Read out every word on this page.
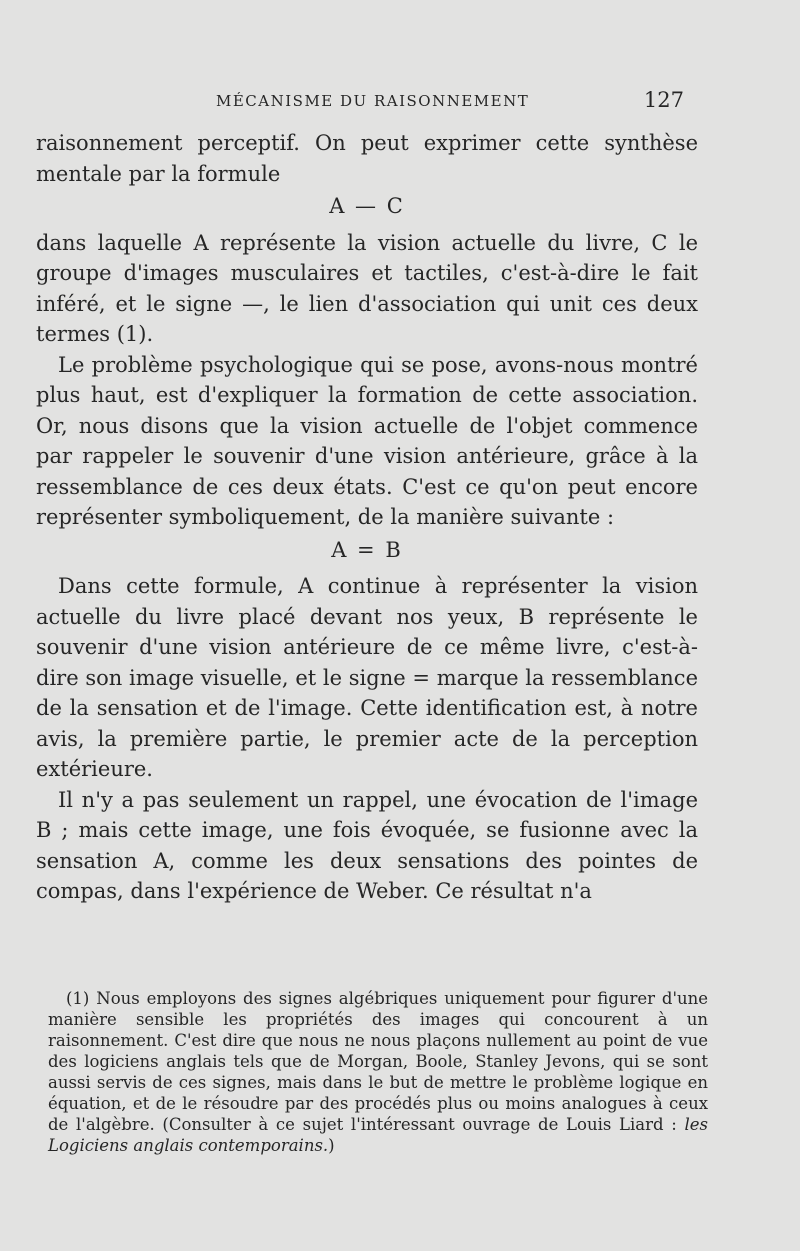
MÉCANISME DU RAISONNEMENT	127

raisonnement perceptif. On peut exprimer cette synthèse mentale par la formule

A — C

dans laquelle A représente la vision actuelle du livre, C le groupe d'images musculaires et tactiles, c'est-à-dire le fait inféré, et le signe —, le lien d'association qui unit ces deux termes (1).

Le problème psychologique qui se pose, avons-nous montré plus haut, est d'expliquer la formation de cette association. Or, nous disons que la vision actuelle de l'objet commence par rappeler le souvenir d'une vision antérieure, grâce à la ressemblance de ces deux états. C'est ce qu'on peut encore représenter symboliquement, de la manière suivante :

A = B

Dans cette formule, A continue à représenter la vision actuelle du livre placé devant nos yeux, B représente le souvenir d'une vision antérieure de ce même livre, c'est-à-dire son image visuelle, et le signe = marque la ressemblance de la sensation et de l'image. Cette identification est, à notre avis, la première partie, le premier acte de la perception extérieure.

Il n'y a pas seulement un rappel, une évocation de l'image B ; mais cette image, une fois évoquée, se fusionne avec la sensation A, comme les deux sensations des pointes de compas, dans l'expérience de Weber. Ce résultat n'a

(1) Nous employons des signes algébriques uniquement pour figurer d'une manière sensible les propriétés des images qui concourent à un raisonnement. C'est dire que nous ne nous plaçons nullement au point de vue des logiciens anglais tels que de Morgan, Boole, Stanley Jevons, qui se sont aussi servis de ces signes, mais dans le but de mettre le problème logique en équation, et de le résoudre par des procédés plus ou moins analogues à ceux de l'algèbre. (Consulter à ce sujet l'intéressant ouvrage de Louis Liard : les Logiciens anglais contemporains.)
